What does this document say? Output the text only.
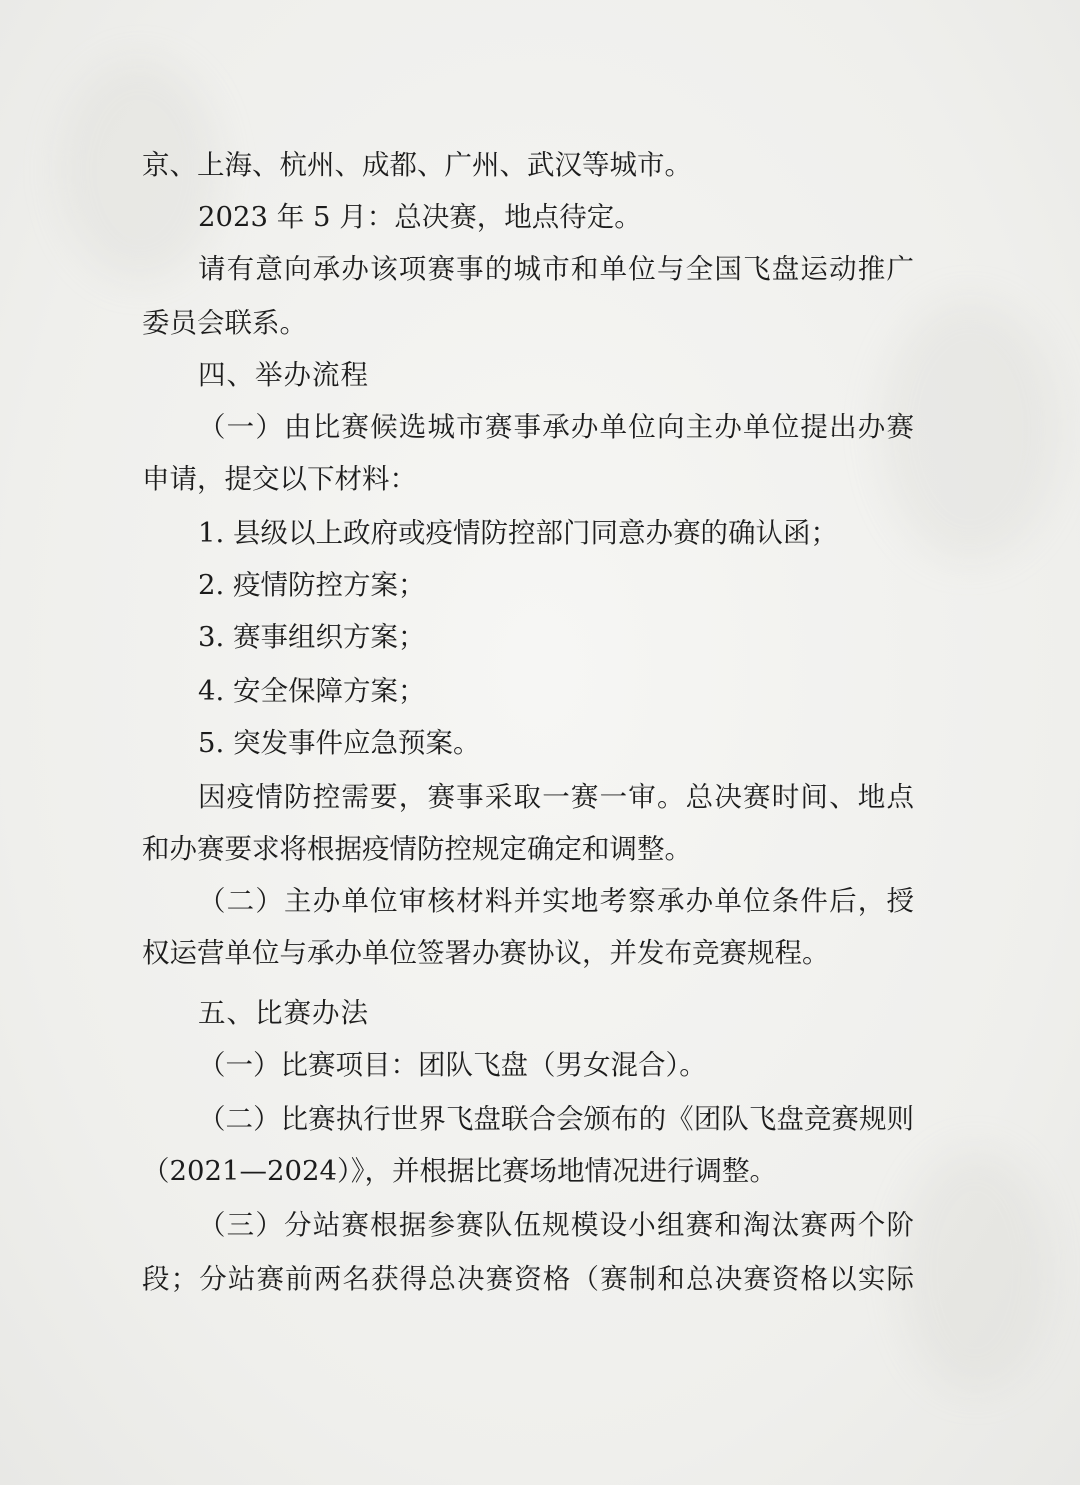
京、上海、杭州、成都、广州、武汉等城市。

2023 年 5 月：总决赛，地点待定。

请有意向承办该项赛事的城市和单位与全国飞盘运动推广

委员会联系。

四、举办流程

（一）由比赛候选城市赛事承办单位向主办单位提出办赛

申请，提交以下材料：

1. 县级以上政府或疫情防控部门同意办赛的确认函；

2. 疫情防控方案；

3. 赛事组织方案；

4. 安全保障方案；

5. 突发事件应急预案。

因疫情防控需要，赛事采取一赛一审。总决赛时间、地点

和办赛要求将根据疫情防控规定确定和调整。

（二）主办单位审核材料并实地考察承办单位条件后，授

权运营单位与承办单位签署办赛协议，并发布竞赛规程。

五、比赛办法

（一）比赛项目：团队飞盘（男女混合）。

（二）比赛执行世界飞盘联合会颁布的《团队飞盘竞赛规则

（2021—2024）》，并根据比赛场地情况进行调整。

（三）分站赛根据参赛队伍规模设小组赛和淘汰赛两个阶

段；分站赛前两名获得总决赛资格（赛制和总决赛资格以实际
